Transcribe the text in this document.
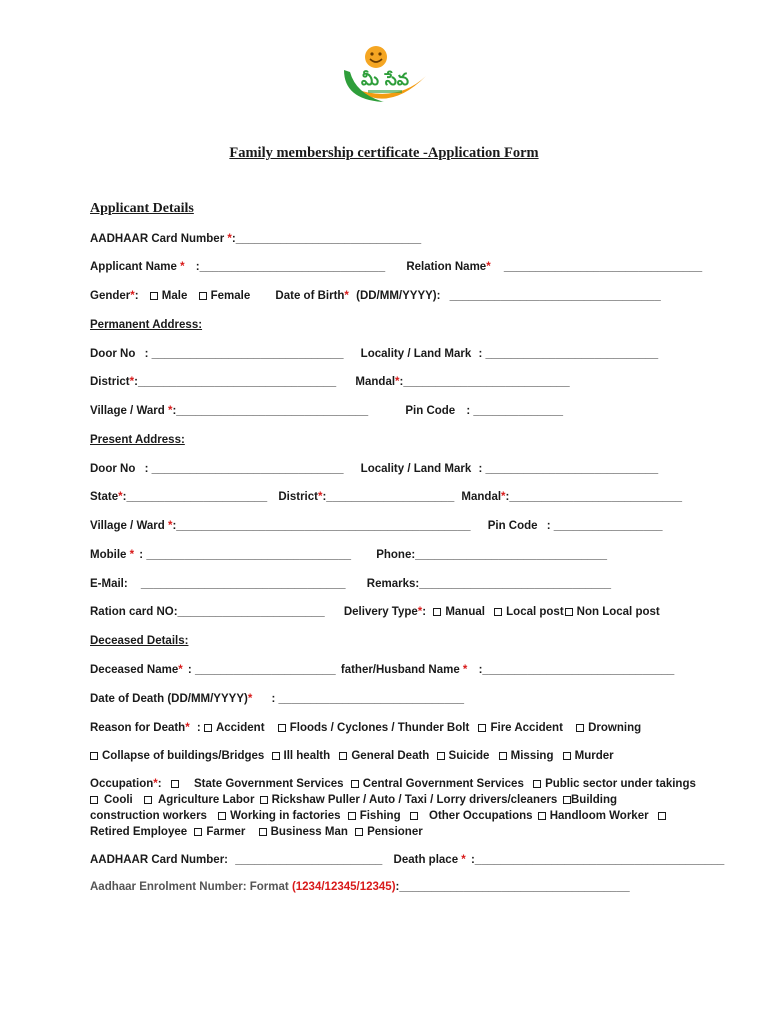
మీ సేవ
Family membership certificate -Application Form
Applicant Details
AADHAAR Card Number *:_____________________________
Applicant Name * :_____________________________ Relation Name* _______________________________
Gender*: Male Female Date of Birth* (DD/MM/YYYY): _________________________________
Permanent Address:
Door No : ______________________________ Locality / Land Mark : ___________________________
District*:_______________________________ Mandal*:__________________________
Village / Ward *:______________________________	Pin Code : ______________
Present Address:
Door No : ______________________________ Locality / Land Mark : ___________________________
State*:______________________ District*:____________________ Mandal*:___________________________
Village / Ward *:______________________________________________ Pin Code : _________________
Mobile * : ________________________________ Phone:______________________________
E-Mail: ________________________________ Remarks:______________________________
Ration card NO:_______________________ Delivery Type*: Manual Local post Non Local post
Deceased Details:
Deceased Name* : ______________________ father/Husband Name * :______________________________
Date of Death (DD/MM/YYYY)* : _____________________________
Reason for Death* : Accident Floods / Cyclones / Thunder Bolt Fire Accident Drowning
Collapse of buildings/Bridges Ill health General Death Suicide Missing Murder
Occupation*:	State Government Services Central Government Services Public sector under takings
Cooli Agriculture Labor Rickshaw Puller / Auto / Taxi / Lorry drivers/cleaners	Building
construction workers Working in factories Fishing Other Occupations Handloom Worker
Retired Employee Farmer Business Man Pensioner
AADHAAR Card Number: _______________________ Death place * :_______________________________________
Aadhaar Enrolment Number: Format (1234/12345/12345):____________________________________
